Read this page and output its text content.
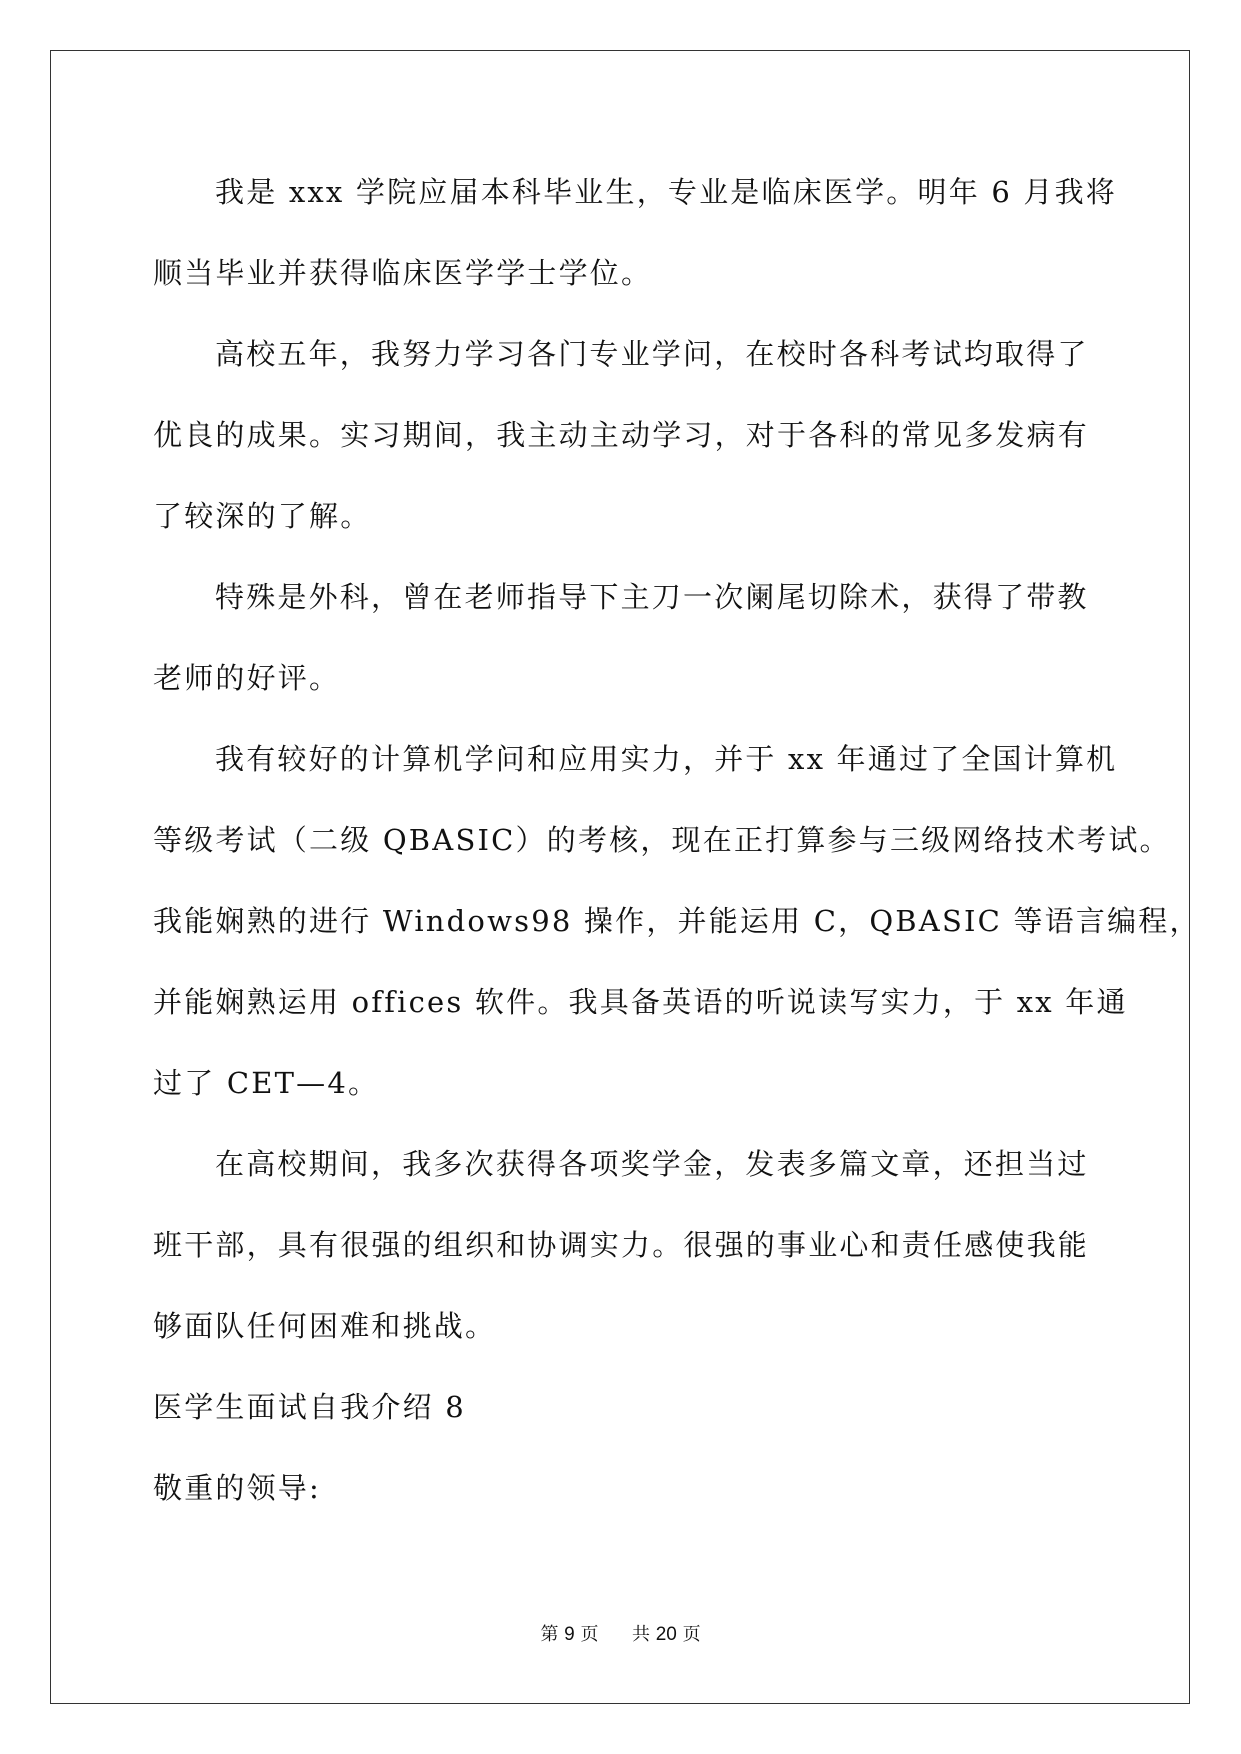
我是 xxx 学院应届本科毕业生，专业是临床医学。明年 6 月我将
顺当毕业并获得临床医学学士学位。
高校五年，我努力学习各门专业学问，在校时各科考试均取得了
优良的成果。实习期间，我主动主动学习，对于各科的常见多发病有
了较深的了解。
特殊是外科，曾在老师指导下主刀一次阑尾切除术，获得了带教
老师的好评。
我有较好的计算机学问和应用实力，并于 xx 年通过了全国计算机
等级考试（二级 QBASIC）的考核，现在正打算参与三级网络技术考试。
我能娴熟的进行 Windows98 操作，并能运用 C，QBASIC 等语言编程，
并能娴熟运用 offices 软件。我具备英语的听说读写实力，于 xx 年通
过了 CET—4。
在高校期间，我多次获得各项奖学金，发表多篇文章，还担当过
班干部，具有很强的组织和协调实力。很强的事业心和责任感使我能
够面队任何困难和挑战。
医学生面试自我介绍 8
敬重的领导:
第 9 页 共 20 页
